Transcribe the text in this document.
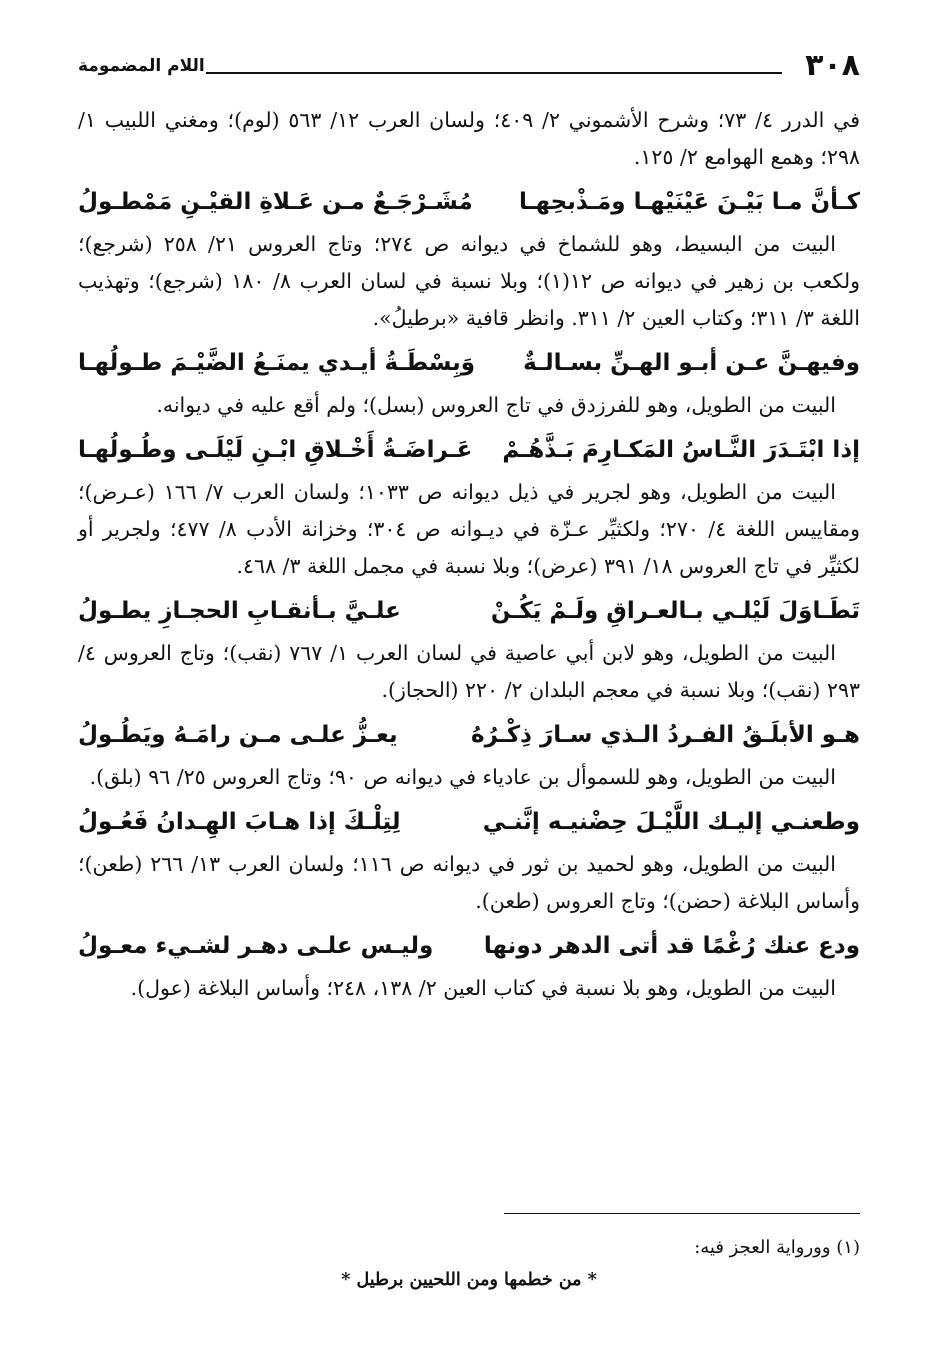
٣٠٨
اللام المضمومة

في الدرر ٤/ ٧٣؛ وشرح الأشموني ٢/ ٤٠٩؛ ولسان العرب ١٢/ ٥٦٣ (لوم)؛ ومغني اللبيب ١/ ٢٩٨؛ وهمع الهوامع ٢/ ١٢٥.

كـأنَّ مـا بَيْـنَ عَيْنَيْهـا ومَـذْبحِهـا
مُشَـرْجَـعٌ مـن عَـلاةِ القيْـنِ مَمْطـولُ

البيت من البسيط، وهو للشماخ في ديوانه ص ٢٧٤؛ وتاج العروس ٢١/ ٢٥٨ (شرجع)؛ ولكعب بن زهير في ديوانه ص ١٢(١)؛ وبلا نسبة في لسان العرب ٨/ ١٨٠ (شرجع)؛ وتهذيب اللغة ٣/ ٣١١؛ وكتاب العين ٢/ ٣١١. وانظر قافية «برطيلُ».

وفيهـنَّ عـن أبـو الهـنِّ بسـالـةٌ
وَبِسْطَـةُ أيـدي يمنَـعُ الضَّيْـمَ طـولُهـا

البيت من الطويل، وهو للفرزدق في تاج العروس (بسل)؛ ولم أقع عليه في ديوانه.

إذا ابْتَـدَرَ النَّـاسُ المَكـارِمَ بَـذَّهُـمْ
عَـراضَـةُ أَخْـلاقِ ابْـنِ لَيْلَـى وطُـولُهـا

البيت من الطويل، وهو لجرير في ذيل ديوانه ص ١٠٣٣؛ ولسان العرب ٧/ ١٦٦ (عـرض)؛ ومقاييس اللغة ٤/ ٢٧٠؛ ولكثيِّر عـزّة في ديـوانه ص ٣٠٤؛ وخزانة الأدب ٨/ ٤٧٧؛ ولجرير أو لكثيِّر في تاج العروس ١٨/ ٣٩١ (عرض)؛ وبلا نسبة في مجمل اللغة ٣/ ٤٦٨.

تَطَـاوَلَ لَيْلـي بـالعـراقِ ولَـمْ يَكُـنْ
علـيَّ بـأنقـابِ الحجـازِ يطـولُ

البيت من الطويل، وهو لابن أبي عاصية في لسان العرب ١/ ٧٦٧ (نقب)؛ وتاج العروس ٤/ ٢٩٣ (نقب)؛ وبلا نسبة في معجم البلدان ٢/ ٢٢٠ (الحجاز).

هـو الأبلَـقُ الفـردُ الـذي سـارَ ذِكْـرُهُ
يعـزُّ علـى مـن رامَـهُ ويَطُـولُ

البيت من الطويل، وهو للسموأل بن عادياء في ديوانه ص ٩٠؛ وتاج العروس ٢٥/ ٩٦ (بلق).

وطعنـي إليـك اللَّيْـلَ حِضْنيـه إنَّنـي
لِتِلْـكَ إذا هـابَ الهِـدانُ فَعُـولُ

البيت من الطويل، وهو لحميد بن ثور في ديوانه ص ١١٦؛ ولسان العرب ١٣/ ٢٦٦ (طعن)؛ وأساس البلاغة (حضن)؛ وتاج العروس (طعن).

ودع عنك رُغْمًا قد أتى الدهر دونها
وليـس علـى دهـر لشـيء معـولُ

البيت من الطويل، وهو بلا نسبة في كتاب العين ٢/ ١٣٨، ٢٤٨؛ وأساس البلاغة (عول).

(١) وورواية العجز فيه:
* من خطمها ومن اللحيين برطيل *
